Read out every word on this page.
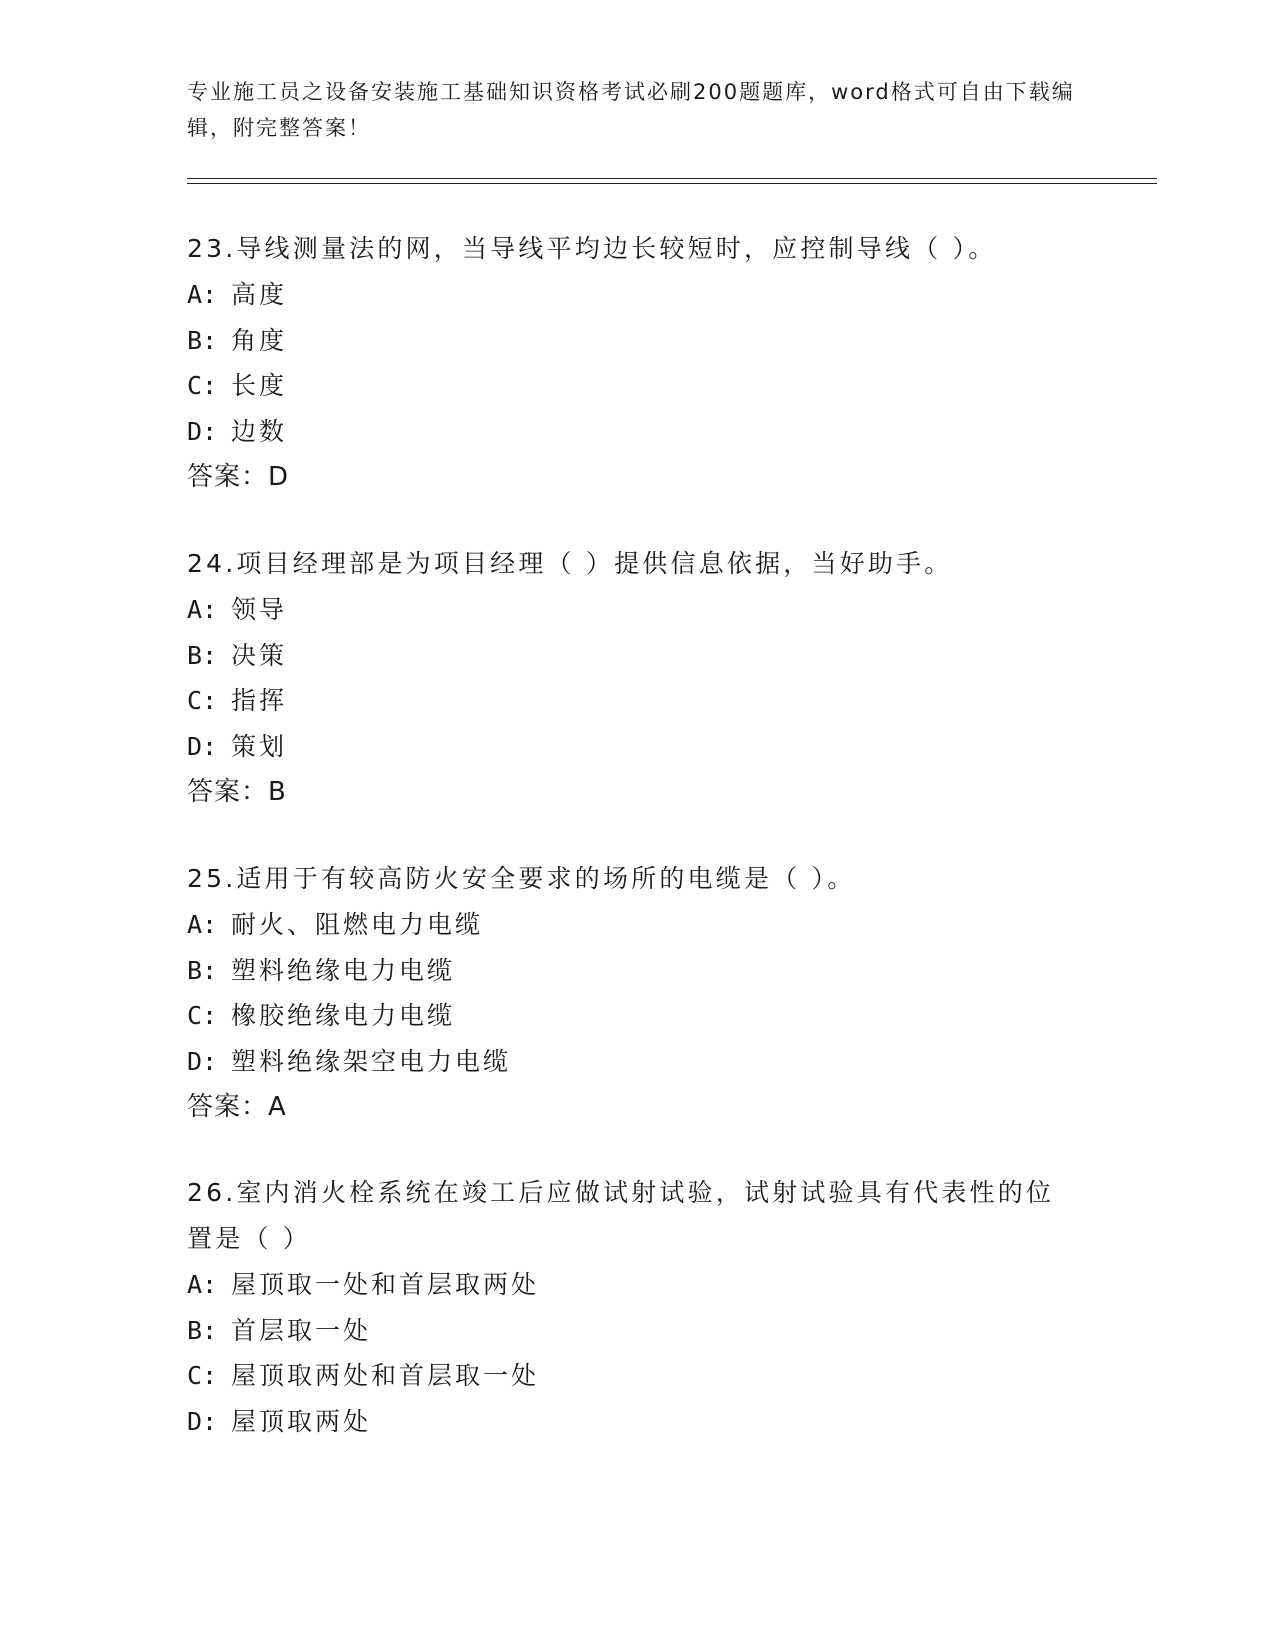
专业施工员之设备安装施工基础知识资格考试必刷200题题库，word格式可自由下载编辑，附完整答案！
23.导线测量法的网，当导线平均边长较短时，应控制导线（ ）。
A: 高度
B: 角度
C: 长度
D: 边数
答案：D
24.项目经理部是为项目经理（ ）提供信息依据，当好助手。
A: 领导
B: 决策
C: 指挥
D: 策划
答案：B
25.适用于有较高防火安全要求的场所的电缆是（ ）。
A: 耐火、阻燃电力电缆
B: 塑料绝缘电力电缆
C: 橡胶绝缘电力电缆
D: 塑料绝缘架空电力电缆
答案：A
26.室内消火栓系统在竣工后应做试射试验，试射试验具有代表性的位置是（ ）
A: 屋顶取一处和首层取两处
B: 首层取一处
C: 屋顶取两处和首层取一处
D: 屋顶取两处
